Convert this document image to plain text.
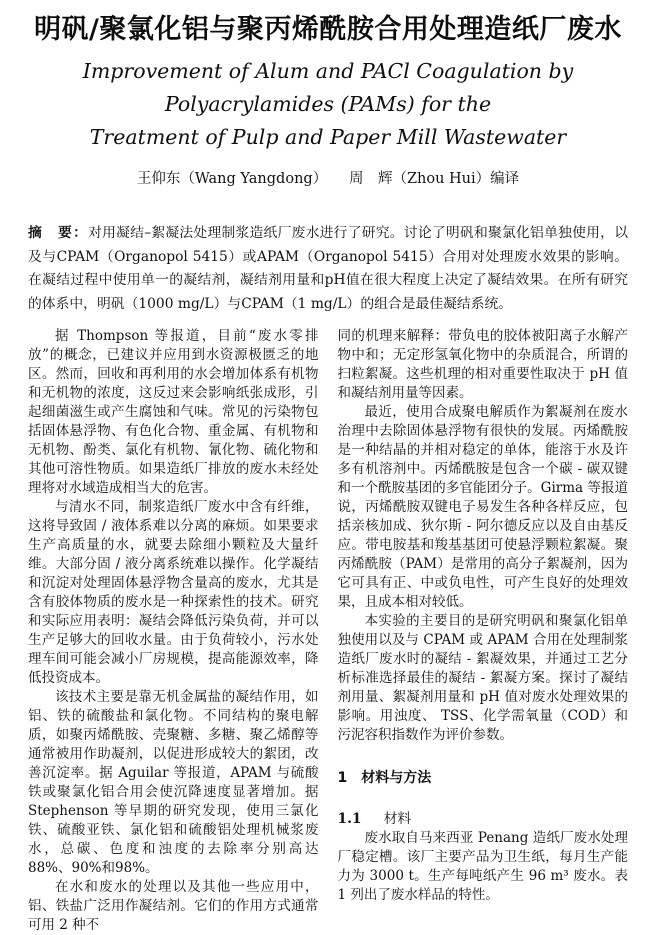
明矾/聚氯化铝与聚丙烯酰胺合用处理造纸厂废水
Improvement of Alum and PACl Coagulation by Polyacrylamides (PAMs) for the
Treatment of Pulp and Paper Mill Wastewater
王仰东（Wang Yangdong）　　周　辉（Zhou Hui）编译

摘　要：对用凝结–絮凝法处理制浆造纸厂废水进行了研究。讨论了明矾和聚氯化铝单独使用，以及与CPAM（Organopol 5415）或APAM（Organopol 5415）合用对处理废水效果的影响。在凝结过程中使用单一的凝结剂，凝结剂用量和pH值在很大程度上决定了凝结效果。在所有研究的体系中，明矾（1000 mg/L）与CPAM（1 mg/L）的组合是最佳凝结系统。

据 Thompson 等报道，目前“废水零排放”的概念，已建议并应用到水资源极匮乏的地区。然而，回收和再利用的水会增加体系有机物和无机物的浓度，这反过来会影响纸张成形，引起细菌滋生或产生腐蚀和气味。常见的污染物包括固体悬浮物、有色化合物、重金属、有机物和无机物、酚类、氯化有机物、氰化物、硫化物和其他可溶性物质。如果造纸厂排放的废水未经处理将对水域造成相当大的危害。

与清水不同，制浆造纸厂废水中含有纤维，这将导致固 / 液体系难以分离的麻烦。如果要求生产高质量的水，就要去除细小颗粒及大量纤维。大部分固 / 液分离系统难以操作。化学凝结和沉淀对处理固体悬浮物含量高的废水，尤其是含有胶体物质的废水是一种探索性的技术。研究和实际应用表明：凝结会降低污染负荷，并可以生产足够大的回收水量。由于负荷较小，污水处理车间可能会减小厂房规模，提高能源效率，降低投资成本。

该技术主要是靠无机金属盐的凝结作用，如铝、铁的硫酸盐和氯化物。不同结构的聚电解质，如聚丙烯酰胺、壳聚糖、多糖、聚乙烯醇等通常被用作助凝剂，以促进形成较大的絮团，改善沉淀率。据 Aguilar 等报道，APAM 与硫酸铁或聚氯化铝合用会使沉降速度显著增加。据 Stephenson 等早期的研究发现，使用三氯化铁、硫酸亚铁、氯化铝和硫酸铝处理机械浆废水，总碳、色度和浊度的去除率分别高达 88%、90%和98%。

在水和废水的处理以及其他一些应用中，铝、铁盐广泛用作凝结剂。它们的作用方式通常可用 2 种不

同的机理来解释：带负电的胶体被阳离子水解产物中和；无定形氢氧化物中的杂质混合，所谓的扫粒絮凝。这些机理的相对重要性取决于 pH 值和凝结剂用量等因素。

最近，使用合成聚电解质作为絮凝剂在废水治理中去除固体悬浮物有很快的发展。丙烯酰胺是一种结晶的并相对稳定的单体，能溶于水及许多有机溶剂中。丙烯酰胺是包含一个碳 - 碳双键和一个酰胺基团的多官能团分子。Girma 等报道说，丙烯酰胺双键电子易发生各种各样反应，包括亲核加成、狄尔斯 - 阿尔德反应以及自由基反应。带电胺基和羧基基团可使悬浮颗粒絮凝。聚丙烯酰胺（PAM）是常用的高分子絮凝剂，因为它可具有正、中或负电性，可产生良好的处理效果，且成本相对较低。

本实验的主要目的是研究明矾和聚氯化铝单独使用以及与 CPAM 或 APAM 合用在处理制浆造纸厂废水时的凝结 - 絮凝效果，并通过工艺分析标准选择最佳的凝结 - 絮凝方案。探讨了凝结剂用量、絮凝剂用量和 pH 值对废水处理效果的影响。用浊度、 TSS、化学需氧量（COD）和污泥容积指数作为评价参数。

1　材料与方法
1.1 材料

废水取自马来西亚 Penang 造纸厂废水处理厂稳定槽。该厂主要产品为卫生纸，每月生产能力为 3000 t。生产每吨纸产生 96 m³ 废水。表 1 列出了废水样品的特性。
